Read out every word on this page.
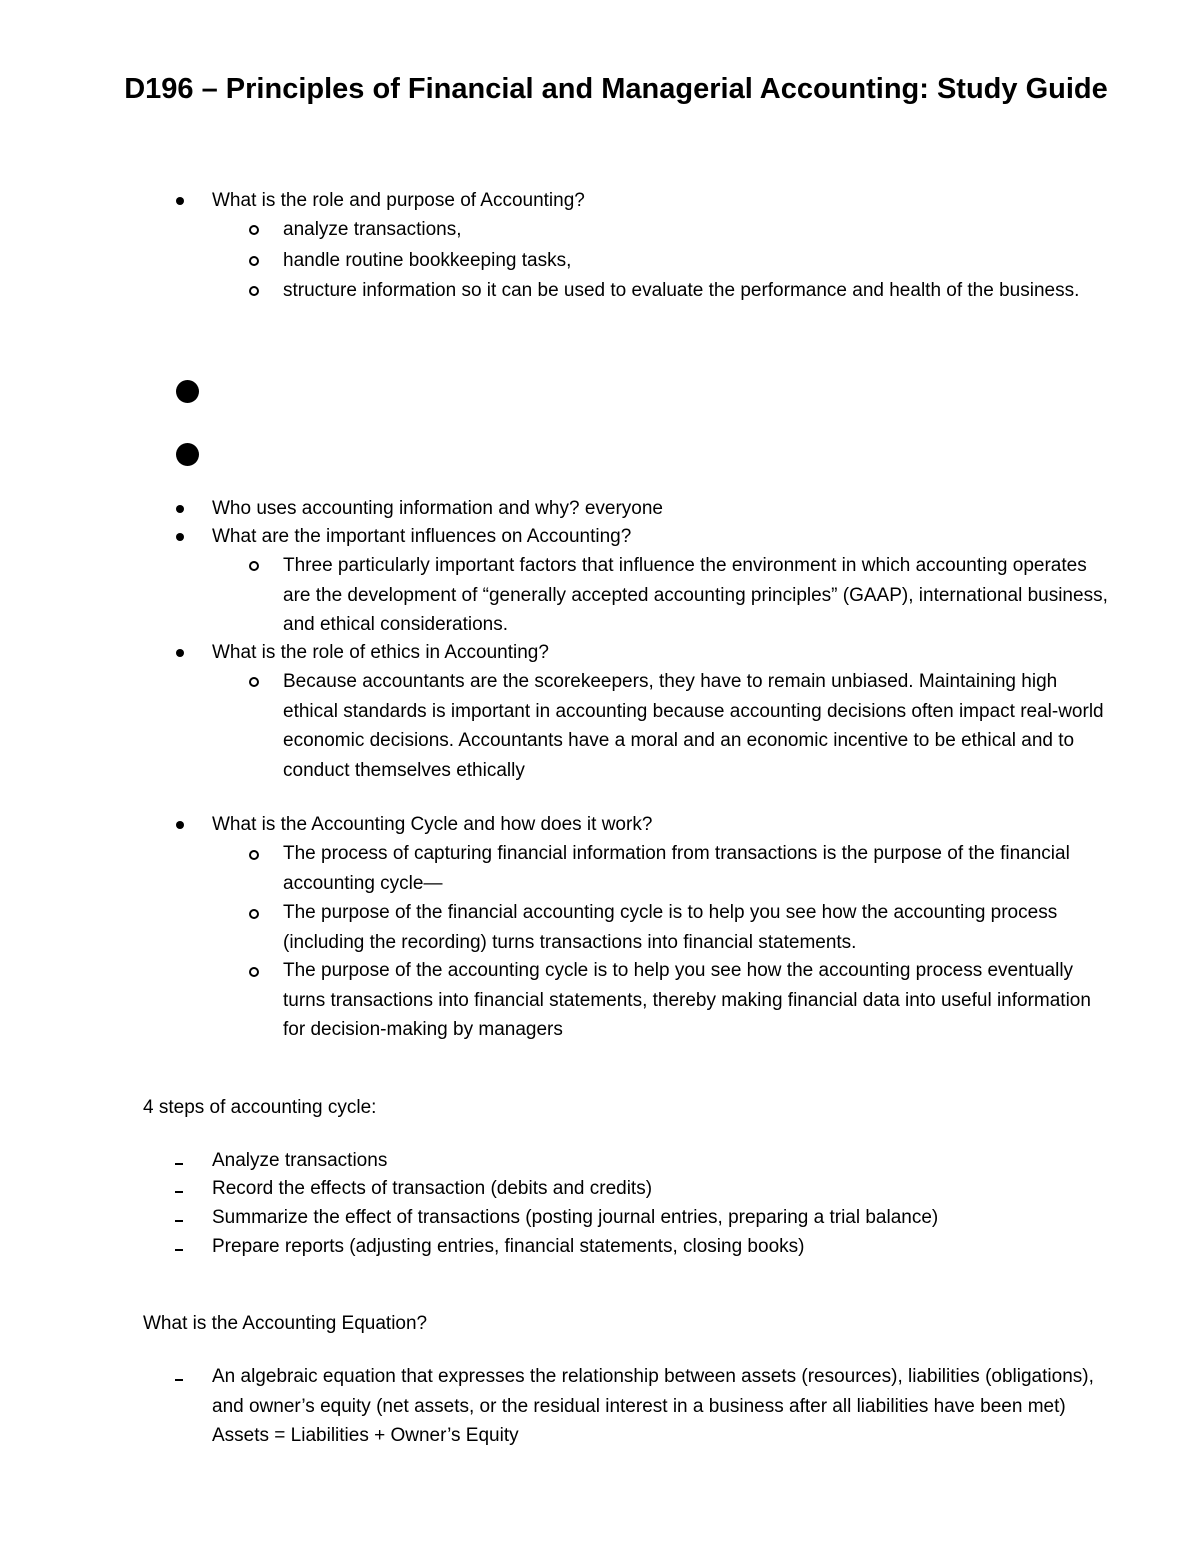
D196 – Principles of Financial and Managerial Accounting: Study Guide
What is the role and purpose of Accounting?
analyze transactions,
handle routine bookkeeping tasks,
structure information so it can be used to evaluate the performance and health of the business.
Who uses accounting information and why? everyone
What are the important influences on Accounting?
Three particularly important factors that influence the environment in which accounting operates are the development of “generally accepted accounting principles” (GAAP), international business, and ethical considerations.
What is the role of ethics in Accounting?
Because accountants are the scorekeepers, they have to remain unbiased. Maintaining high ethical standards is important in accounting because accounting decisions often impact real-world economic decisions. Accountants have a moral and an economic incentive to be ethical and to conduct themselves ethically
What is the Accounting Cycle and how does it work?
The process of capturing financial information from transactions is the purpose of the financial accounting cycle—
The purpose of the financial accounting cycle is to help you see how the accounting process (including the recording) turns transactions into financial statements.
The purpose of the accounting cycle is to help you see how the accounting process eventually turns transactions into financial statements, thereby making financial data into useful information for decision-making by managers
4 steps of accounting cycle:
Analyze transactions
Record the effects of transaction (debits and credits)
Summarize the effect of transactions (posting journal entries, preparing a trial balance)
Prepare reports (adjusting entries, financial statements, closing books)
What is the Accounting Equation?
An algebraic equation that expresses the relationship between assets (resources), liabilities (obligations), and owner’s equity (net assets, or the residual interest in a business after all liabilities have been met) Assets = Liabilities + Owner’s Equity
